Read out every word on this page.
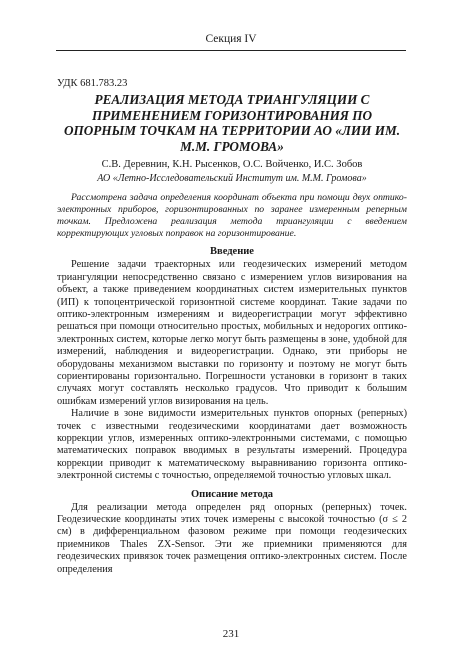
Секция IV

УДК 681.783.23

РЕАЛИЗАЦИЯ МЕТОДА ТРИАНГУЛЯЦИИ С ПРИМЕНЕНИЕМ ГОРИЗОНТИРОВАНИЯ ПО ОПОРНЫМ ТОЧКАМ НА ТЕРРИТОРИИ АО «ЛИИ ИМ. М.М. ГРОМОВА»

С.В. Деревнин, К.Н. Рысенков, О.С. Войченко, И.С. Зобов

АО «Летно-Исследовательский Институт им. М.М. Громова»

Рассмотрена задача определения координат объекта при помощи двух оптико-электронных приборов, горизонтированных по заранее измеренным реперным точкам. Предложена реализация метода триангуляции с введением корректирующих угловых поправок на горизонтирование.

Введение

Решение задачи траекторных или геодезических измерений методом триангуляции непосредственно связано с измерением углов визирования на объект, а также приведением координатных систем измерительных пунктов (ИП) к топоцентрической горизонтной системе координат. Такие задачи по оптико-электронным измерениям и видеорегистрации могут эффективно решаться при помощи относительно простых, мобильных и недорогих оптико-электронных систем, которые легко могут быть размещены в зоне, удобной для измерений, наблюдения и видеорегистрации. Однако, эти приборы не оборудованы механизмом выставки по горизонту и поэтому не могут быть сориентированы горизонтально. Погрешности установки в горизонт в таких случаях могут составлять несколько градусов. Что приводит к большим ошибкам измерений углов визирования на цель.

Наличие в зоне видимости измерительных пунктов опорных (реперных) точек с известными геодезическими координатами дает возможность коррекции углов, измеренных оптико-электронными системами, с помощью математических поправок вводимых в результаты измерений. Процедура коррекции приводит к математическому выравниванию горизонта оптико-электронной системы с точностью, определяемой точностью угловых шкал.

Описание метода

Для реализации метода определен ряд опорных (реперных) точек. Геодезические координаты этих точек измерены с высокой точностью (σ ≤ 2 см) в дифференциальном фазовом режиме при помощи геодезических приемников Thales ZX-Sensor. Эти же приемники применяются для геодезических привязок точек размещения оптико-электронных систем. После определения

231
